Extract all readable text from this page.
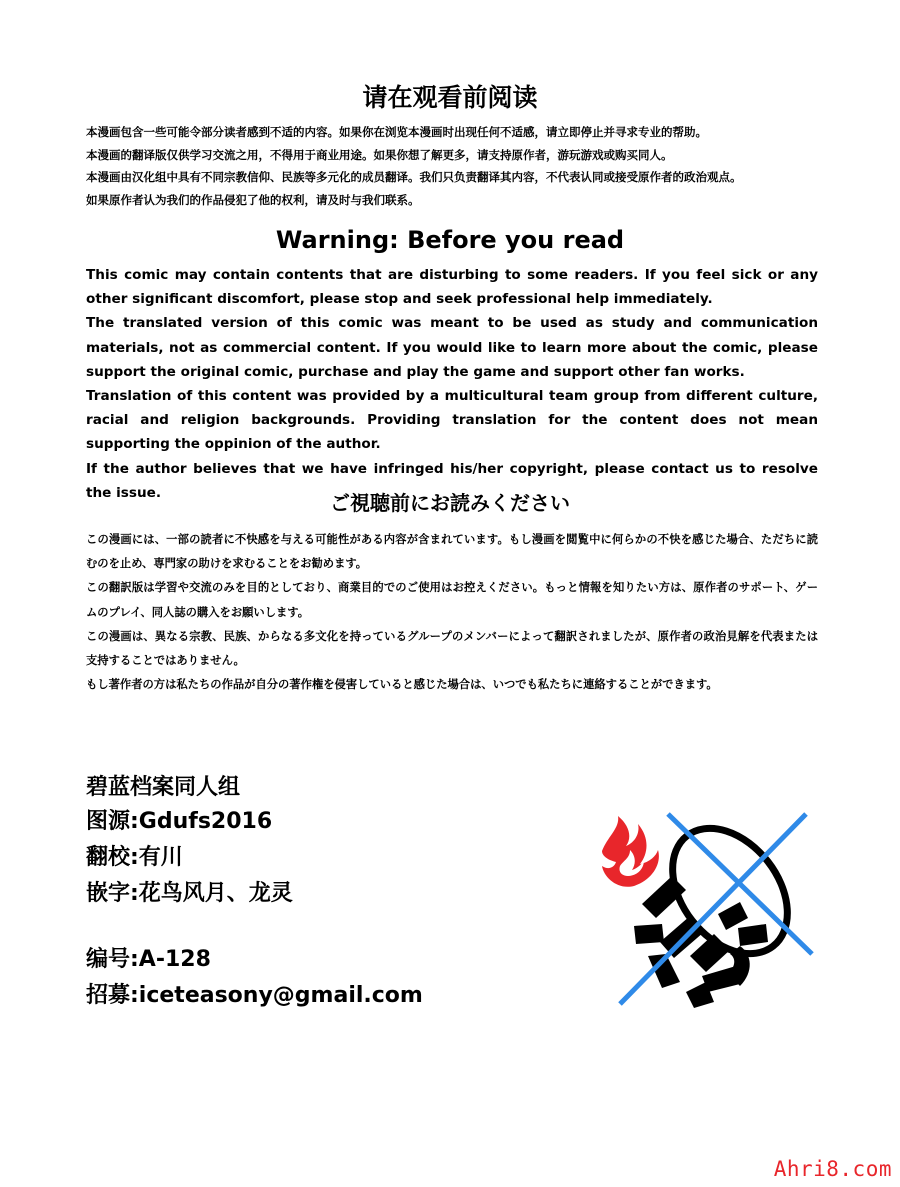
请在观看前阅读

本漫画包含一些可能令部分读者感到不适的内容。如果你在浏览本漫画时出现任何不适感，请立即停止并寻求专业的帮助。

本漫画的翻译版仅供学习交流之用，不得用于商业用途。如果你想了解更多，请支持原作者，游玩游戏或购买同人。

本漫画由汉化组中具有不同宗教信仰、民族等多元化的成员翻译。我们只负责翻译其内容，不代表认同或接受原作者的政治观点。

如果原作者认为我们的作品侵犯了他的权利，请及时与我们联系。

Warning: Before you read

This comic may contain contents that are disturbing to some readers. If you feel sick or any other significant discomfort, please stop and seek professional help immediately.

The translated version of this comic was meant to be used as study and communication materials, not as commercial content. If you would like to learn more about the comic, please support the original comic, purchase and play the game and support other fan works.

Translation of this content was provided by a multicultural team group from different culture, racial and religion backgrounds. Providing translation for the content does not mean supporting the oppinion of the author.

If the author believes that we have infringed his/her copyright, please contact us to resolve the issue.	ご視聴前にお読みください

この漫画には、一部の読者に不快感を与える可能性がある内容が含まれています。もし漫画を閲覧中に何らかの不快を感じた場合、ただちに読むのを止め、専門家の助けを求むることをお勧めます。

この翻訳版は学習や交流のみを目的としており、商業目的でのご使用はお控えください。もっと情報を知りたい方は、原作者のサポート、ゲームのプレイ、同人誌の購入をお願いします。

この漫画は、異なる宗教、民族、からなる多文化を持っているグループのメンバーによって翻訳されましたが、原作者の政治見解を代表または支持することではありません。

もし著作者の方は私たちの作品が自分の著作権を侵害していると感じた場合は、いつでも私たちに連絡することができます。

碧蓝档案同人组
图源:Gdufs2016
翻校:有川
嵌字:花鸟风月、龙灵
编号:A-128
招募:iceteasony@gmail.com
Ahri8.com
